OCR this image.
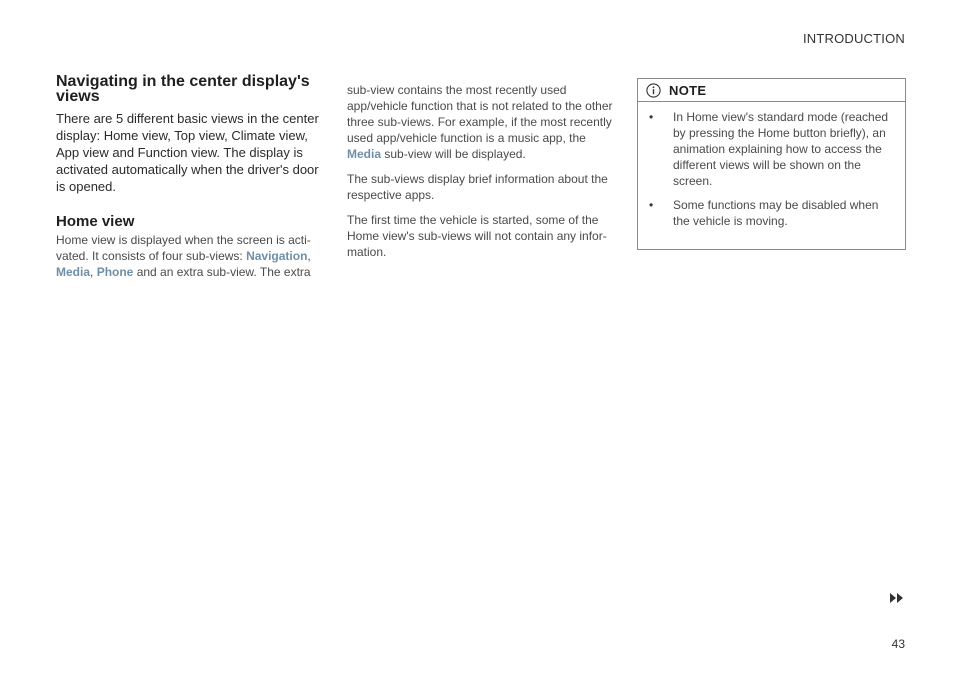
INTRODUCTION
Navigating in the center display's views

There are 5 different basic views in the center display: Home view, Top view, Climate view, App view and Function view. The display is activated automatically when the driver's door is opened.

Home view

Home view is displayed when the screen is acti-vated. It consists of four sub-views: Navigation, Media, Phone and an extra sub-view. The extra

sub-view contains the most recently used app/vehicle function that is not related to the other three sub-views. For example, if the most recently used app/vehicle function is a music app, the Media sub-view will be displayed.

The sub-views display brief information about the respective apps.

The first time the vehicle is started, some of the Home view's sub-views will not contain any infor-mation.

NOTE
• In Home view's standard mode (reached by pressing the Home button briefly), an animation explaining how to access the different views will be shown on the screen.
• Some functions may be disabled when the vehicle is moving.
43
